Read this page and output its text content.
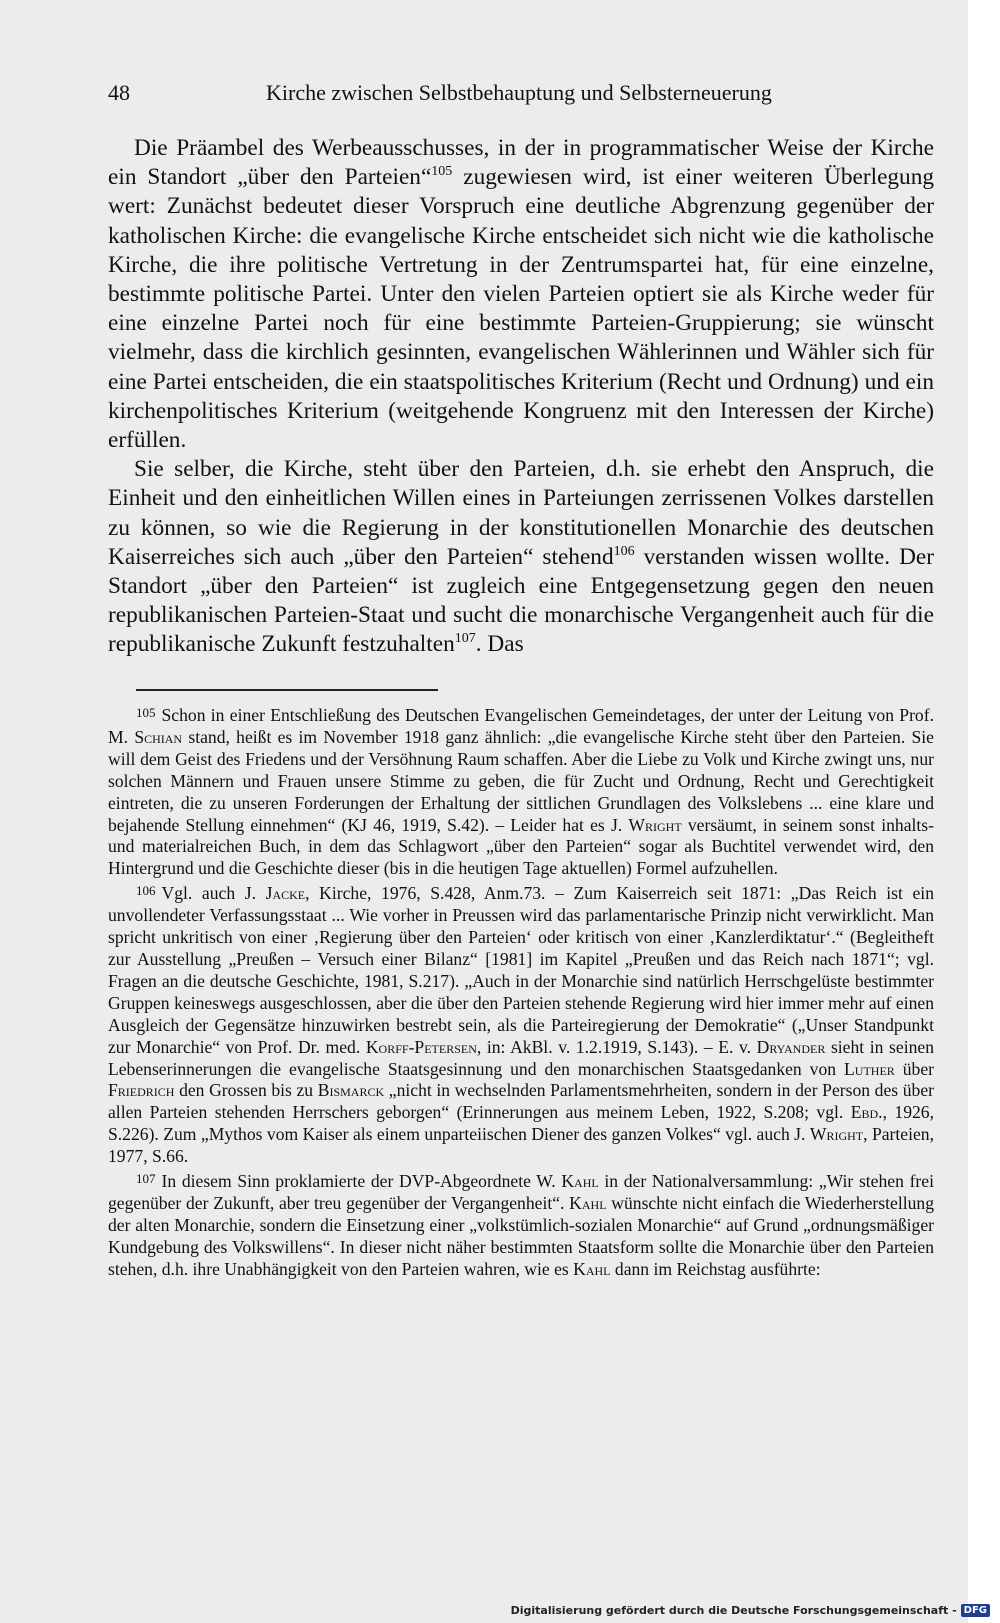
48	Kirche zwischen Selbstbehauptung und Selbsterneuerung

Die Präambel des Werbeausschusses, in der in programmatischer Weise der Kirche ein Standort „über den Parteien“$^{105}$ zugewiesen wird, ist einer weiteren Überlegung wert: Zunächst bedeutet dieser Vorspruch eine deutliche Abgrenzung gegenüber der katholischen Kirche: die evangelische Kirche entscheidet sich nicht wie die katholische Kirche, die ihre politische Vertretung in der Zentrumspartei hat, für eine einzelne, bestimmte politische Partei. Unter den vielen Parteien optiert sie als Kirche weder für eine einzelne Partei noch für eine bestimmte Parteien-Gruppierung; sie wünscht vielmehr, dass die kirchlich gesinnten, evangelischen Wählerinnen und Wähler sich für eine Partei entscheiden, die ein staatspolitisches Kriterium (Recht und Ordnung) und ein kirchenpolitisches Kriterium (weitgehende Kongruenz mit den Interessen der Kirche) erfüllen.

Sie selber, die Kirche, steht über den Parteien, d.h. sie erhebt den Anspruch, die Einheit und den einheitlichen Willen eines in Parteiungen zerrissenen Volkes darstellen zu können, so wie die Regierung in der konstitutionellen Monarchie des deutschen Kaiserreiches sich auch „über den Parteien“ stehend$^{106}$ verstanden wissen wollte. Der Standort „über den Parteien“ ist zugleich eine Entgegensetzung gegen den neuen republikanischen Parteien-Staat und sucht die monarchische Vergangenheit auch für die republikanische Zukunft festzuhalten$^{107}$. Das

$^{105}$ Schon in einer Entschließung des Deutschen Evangelischen Gemeindetages, der unter der Leitung von Prof. M. Schian stand, heißt es im November 1918 ganz ähnlich: „die evangelische Kirche steht über den Parteien. Sie will dem Geist des Friedens und der Versöhnung Raum schaffen. Aber die Liebe zu Volk und Kirche zwingt uns, nur solchen Männern und Frauen unsere Stimme zu geben, die für Zucht und Ordnung, Recht und Gerechtigkeit eintreten, die zu unseren Forderungen der Erhaltung der sittlichen Grundlagen des Volkslebens ... eine klare und bejahende Stellung einnehmen“ (KJ 46, 1919, S.42). – Leider hat es J. Wright versäumt, in seinem sonst inhalts- und materialreichen Buch, in dem das Schlagwort „über den Parteien“ sogar als Buchtitel verwendet wird, den Hintergrund und die Geschichte dieser (bis in die heutigen Tage aktuellen) Formel aufzuhellen.

$^{106}$ Vgl. auch J. Jacke, Kirche, 1976, S.428, Anm.73. – Zum Kaiserreich seit 1871: „Das Reich ist ein unvollendeter Verfassungsstaat ... Wie vorher in Preussen wird das parlamentarische Prinzip nicht verwirklicht. Man spricht unkritisch von einer ‚Regierung über den Parteien‘ oder kritisch von einer ‚Kanzlerdiktatur‘.“ (Begleitheft zur Ausstellung „Preußen – Versuch einer Bilanz“ [1981] im Kapitel „Preußen und das Reich nach 1871“; vgl. Fragen an die deutsche Geschichte, 1981, S.217). „Auch in der Monarchie sind natürlich Herrschgelüste bestimmter Gruppen keineswegs ausgeschlossen, aber die über den Parteien stehende Regierung wird hier immer mehr auf einen Ausgleich der Gegensätze hinzuwirken bestrebt sein, als die Parteiregierung der Demokratie“ („Unser Standpunkt zur Monarchie“ von Prof. Dr. med. Korff-Petersen, in: AkBl. v. 1.2.1919, S.143). – E. v. Dryander sieht in seinen Lebenserinnerungen die evangelische Staatsgesinnung und den monarchischen Staatsgedanken von Luther über Friedrich den Grossen bis zu Bismarck „nicht in wechselnden Parlamentsmehrheiten, sondern in der Person des über allen Parteien stehenden Herrschers geborgen“ (Erinnerungen aus meinem Leben, 1922, S.208; vgl. Ebd., 1926, S.226). Zum „Mythos vom Kaiser als einem unparteiischen Diener des ganzen Volkes“ vgl. auch J. Wright, Parteien, 1977, S.66.

$^{107}$ In diesem Sinn proklamierte der DVP-Abgeordnete W. Kahl in der Nationalversammlung: „Wir stehen frei gegenüber der Zukunft, aber treu gegenüber der Vergangenheit“. Kahl wünschte nicht einfach die Wiederherstellung der alten Monarchie, sondern die Einsetzung einer „volkstümlich-sozialen Monarchie“ auf Grund „ordnungsmäßiger Kundgebung des Volkswillens“. In dieser nicht näher bestimmten Staatsform sollte die Monarchie über den Parteien stehen, d.h. ihre Unabhängigkeit von den Parteien wahren, wie es Kahl dann im Reichstag ausführte:

Digitalisierung gefördert durch die Deutsche Forschungsgemeinschaft - DFG
